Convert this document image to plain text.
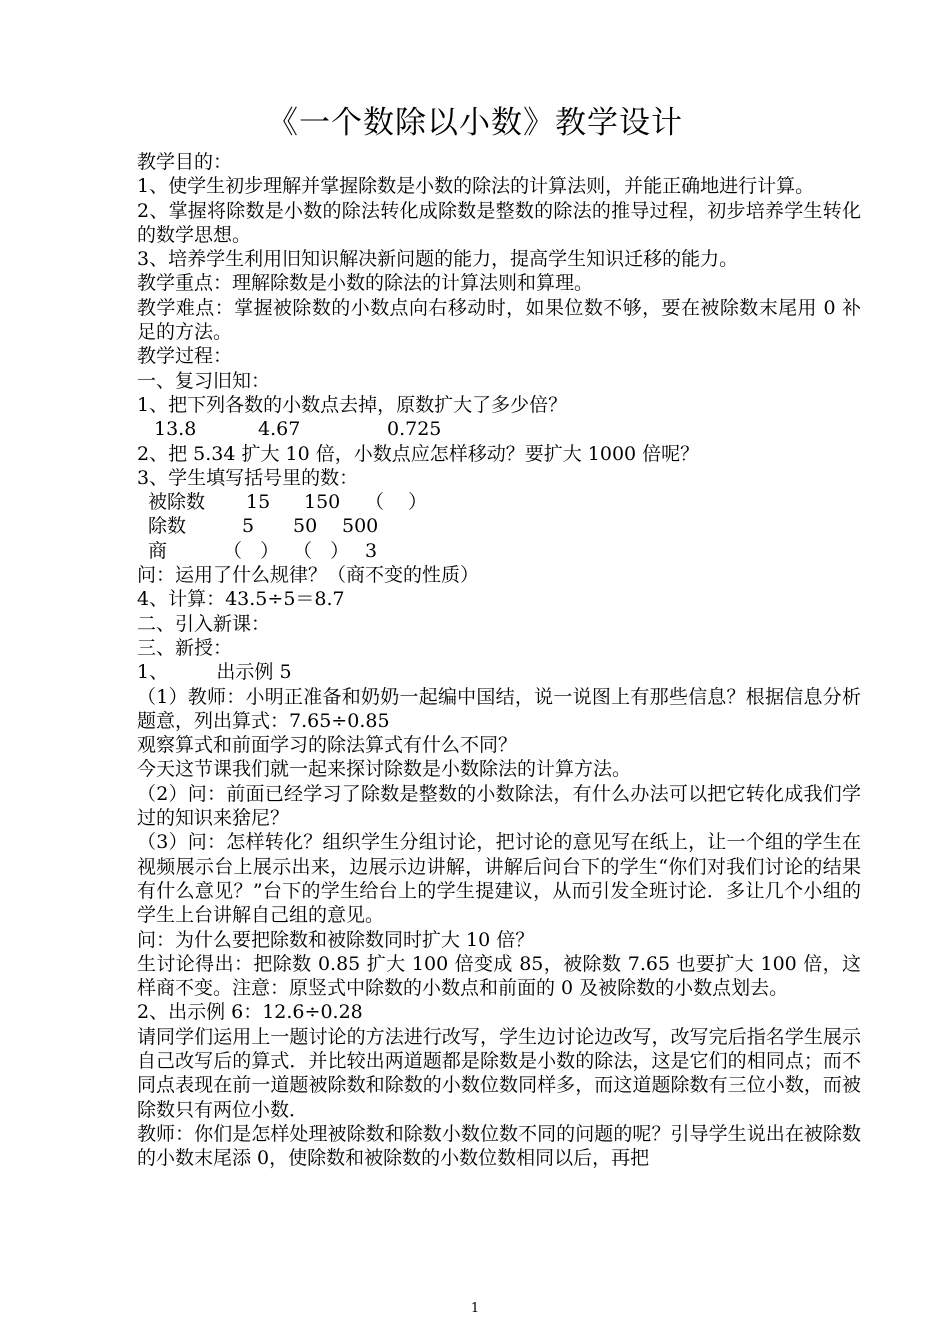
《一个数除以小数》教学设计

教学目的：

1、使学生初步理解并掌握除数是小数的除法的计算法则，并能正确地进行计算。

2、掌握将除数是小数的除法转化成除数是整数的除法的推导过程，初步培养学生转化的数学思想。

3、培养学生利用旧知识解决新问题的能力，提高学生知识迁移的能力。

教学重点：理解除数是小数的除法的计算法则和算理。

教学难点：掌握被除数的小数点向右移动时，如果位数不够，要在被除数末尾用 0 补足的方法。

教学过程：

一、复习旧知：

1、把下列各数的小数点去掉，原数扩大了多少倍？

13.8	4.67	0.725

2、把 5.34 扩大 10 倍，小数点应怎样移动？要扩大 1000 倍呢？

3、学生填写括号里的数：

被除数 15 150 （    ）
除数	5 50 500
商	（   ） （   ） 3

问：运用了什么规律？（商不变的性质）

4、计算：43.5÷5＝8.7

二、引入新课：

三、新授：

1、        出示例 5

（1）教师：小明正准备和奶奶一起编中国结，说一说图上有那些信息？根据信息分析题意，列出算式：7.65÷0.85

观察算式和前面学习的除法算式有什么不同？

今天这节课我们就一起来探讨除数是小数除法的计算方法。

（2）问：前面已经学习了除数是整数的小数除法，有什么办法可以把它转化成我们学过的知识来猞尼？

（3）问：怎样转化？组织学生分组讨论，把讨论的意见写在纸上，让一个组的学生在视频展示台上展示出来，边展示边讲解，讲解后问台下的学生“你们对我们讨论的结果有什么意见？”台下的学生给台上的学生提建议，从而引发全班讨论．多让几个小组的学生上台讲解自己组的意见。

问：为什么要把除数和被除数同时扩大 10 倍？

生讨论得出：把除数 0.85 扩大 100 倍变成 85，被除数 7.65 也要扩大 100 倍，这样商不变。注意：原竖式中除数的小数点和前面的 0 及被除数的小数点划去。

2、出示例 6：12.6÷0.28

请同学们运用上一题讨论的方法进行改写，学生边讨论边改写，改写完后指名学生展示自己改写后的算式．并比较出两道题都是除数是小数的除法，这是它们的相同点；而不同点表现在前一道题被除数和除数的小数位数同样多，而这道题除数有三位小数，而被除数只有两位小数．

教师：你们是怎样处理被除数和除数小数位数不同的问题的呢？引导学生说出在被除数的小数末尾添 0，使除数和被除数的小数位数相同以后，再把

1
